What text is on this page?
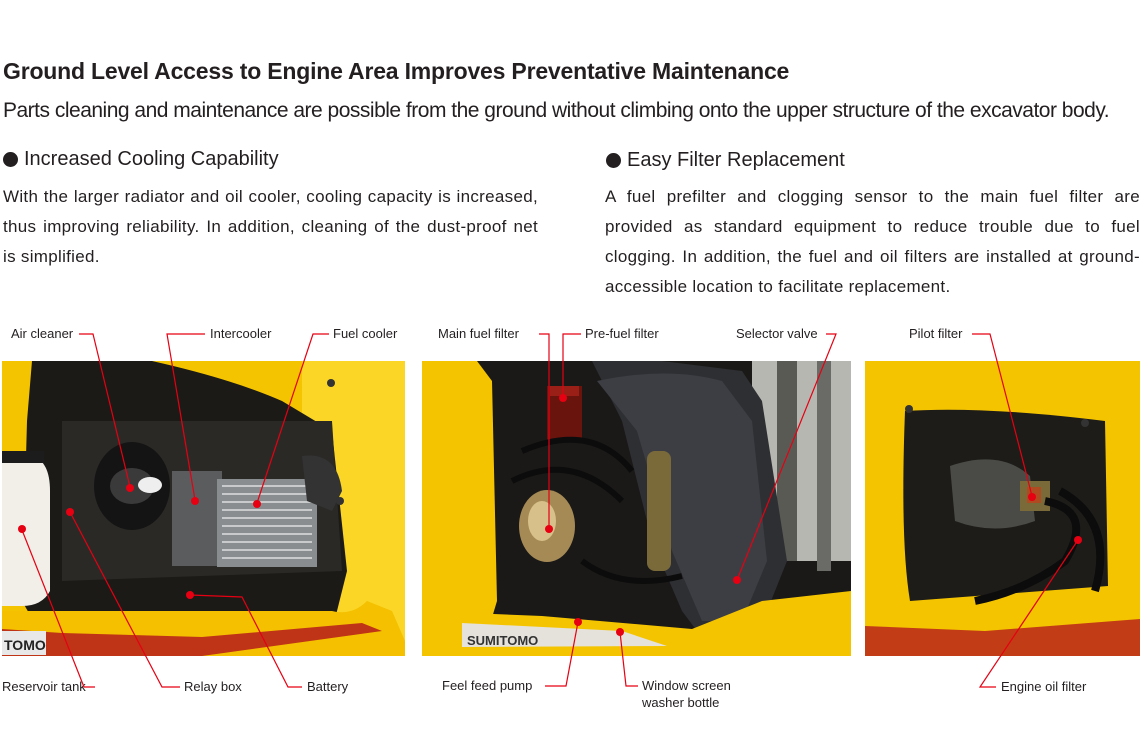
Ground Level Access to Engine Area Improves Preventative Maintenance
Parts cleaning and maintenance are possible from the ground without climbing onto the upper structure of the excavator body.
Increased Cooling Capability
With the larger radiator and oil cooler, cooling capacity is increased, thus improving reliability. In addition, cleaning of the dust-proof net is simplified.
Easy Filter Replacement
A fuel prefilter and clogging sensor to the main fuel filter are provided as standard equipment to reduce trouble due to fuel clogging. In addition, the fuel and oil filters are installed at ground-accessible location to facilitate replacement.
TOMO	SUMITOMO
Air cleaner	Intercooler	Fuel cooler	Main fuel filter	Pre-fuel filter	Selector valve	Pilot filter
Reservoir tank	Relay box	Battery	Feel feed pump	Window screen
washer bottle
Engine oil filter
